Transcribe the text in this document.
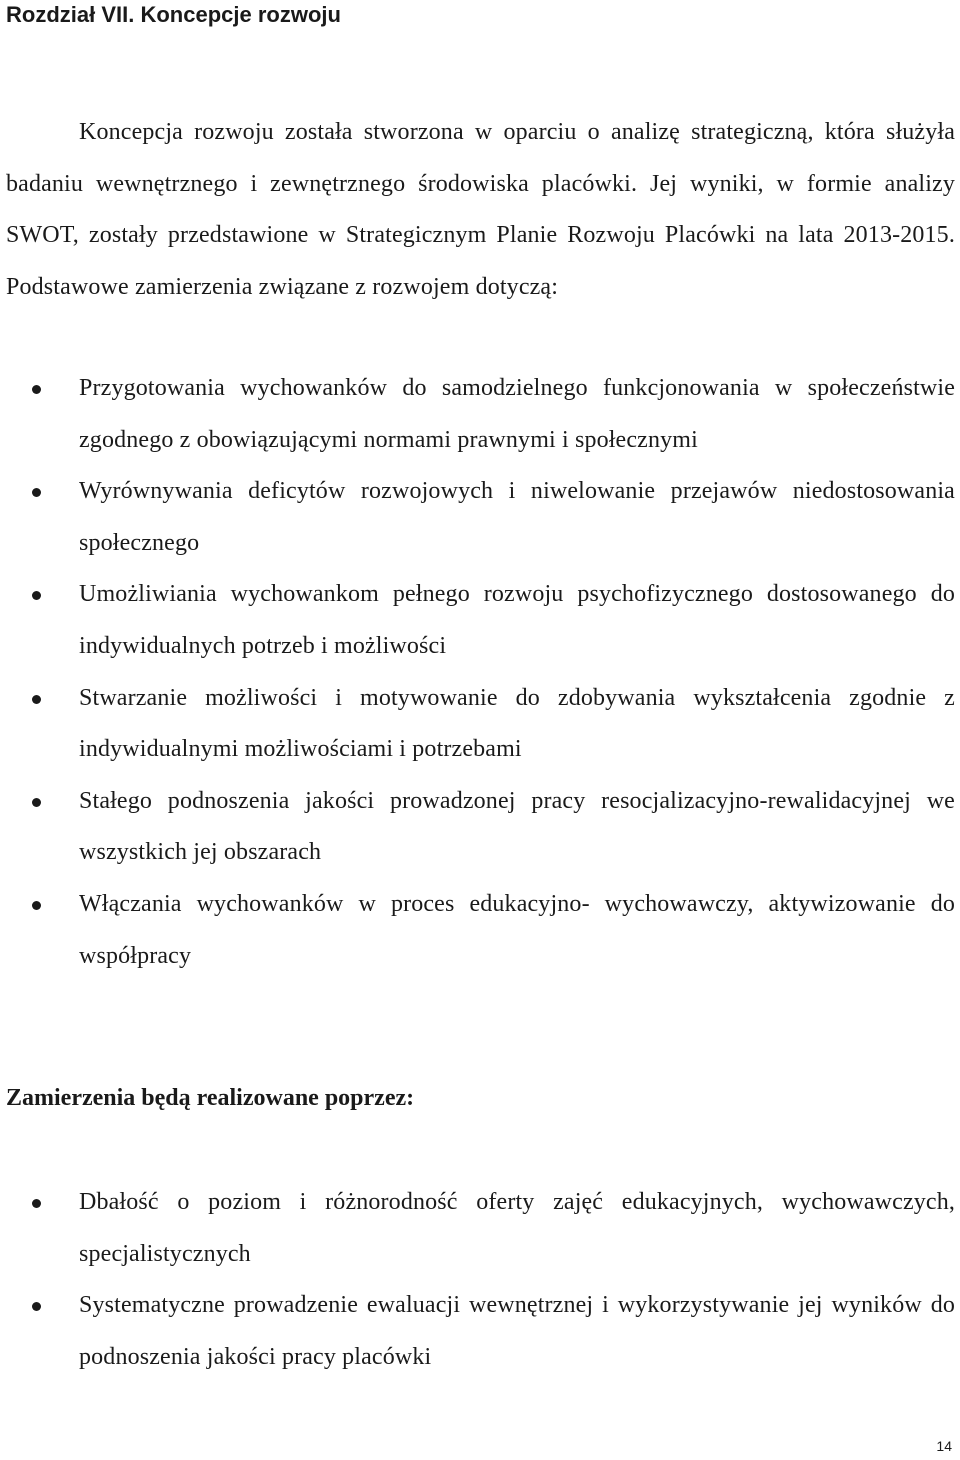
Rozdział VII. Koncepcje rozwoju

Koncepcja rozwoju została stworzona w oparciu o analizę strategiczną, która służyła badaniu wewnętrznego i zewnętrznego środowiska placówki. Jej wyniki, w formie analizy SWOT, zostały przedstawione w Strategicznym Planie Rozwoju Placówki na lata 2013-2015. Podstawowe zamierzenia związane z rozwojem dotyczą:

Przygotowania wychowanków do samodzielnego funkcjonowania w społeczeństwie zgodnego z obowiązującymi normami prawnymi i społecznymi
Wyrównywania deficytów rozwojowych i niwelowanie przejawów niedostosowania społecznego
Umożliwiania wychowankom pełnego rozwoju psychofizycznego dostosowanego do indywidualnych potrzeb i możliwości
Stwarzanie możliwości i motywowanie do zdobywania wykształcenia zgodnie z indywidualnymi możliwościami i potrzebami
Stałego podnoszenia jakości prowadzonej pracy resocjalizacyjno-rewalidacyjnej we wszystkich jej obszarach
Włączania wychowanków w proces edukacyjno- wychowawczy, aktywizowanie do współpracy
Zamierzenia będą realizowane poprzez:
Dbałość o poziom i różnorodność oferty zajęć edukacyjnych, wychowawczych, specjalistycznych
Systematyczne prowadzenie ewaluacji wewnętrznej i wykorzystywanie jej wyników do podnoszenia jakości pracy placówki
14
